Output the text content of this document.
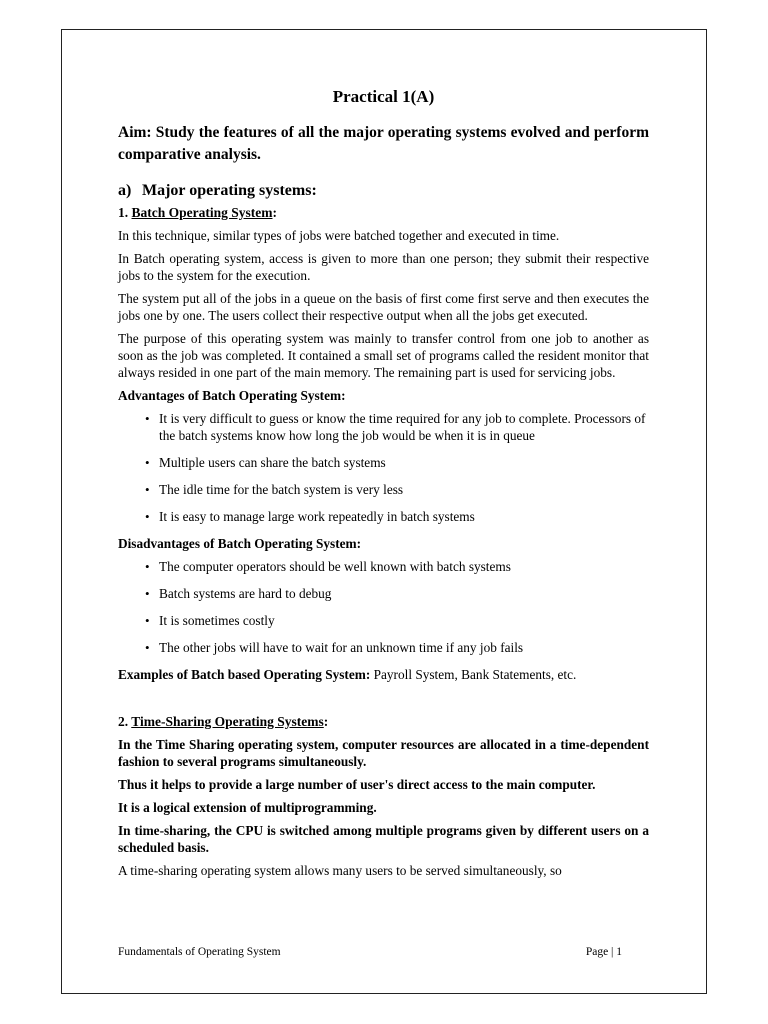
Practical 1(A)
Aim: Study the features of all the major operating systems evolved and perform comparative analysis.
a) Major operating systems:
1. Batch Operating System:

In this technique, similar types of jobs were batched together and executed in time.

In Batch operating system, access is given to more than one person; they submit their respective jobs to the system for the execution.

The system put all of the jobs in a queue on the basis of first come first serve and then executes the jobs one by one. The users collect their respective output when all the jobs get executed.

The purpose of this operating system was mainly to transfer control from one job to another as soon as the job was completed. It contained a small set of programs called the resident monitor that always resided in one part of the main memory. The remaining part is used for servicing jobs.

Advantages of Batch Operating System:
• It is very difficult to guess or know the time required for any job to complete. Processors of the batch systems know how long the job would be when it is in queue
• Multiple users can share the batch systems
• The idle time for the batch system is very less
• It is easy to manage large work repeatedly in batch systems
Disadvantages of Batch Operating System:
• The computer operators should be well known with batch systems
• Batch systems are hard to debug
• It is sometimes costly
• The other jobs will have to wait for an unknown time if any job fails

Examples of Batch based Operating System: Payroll System, Bank Statements, etc.

2. Time-Sharing Operating Systems:

In the Time Sharing operating system, computer resources are allocated in a time-dependent fashion to several programs simultaneously.

Thus it helps to provide a large number of user's direct access to the main computer.

It is a logical extension of multiprogramming.

In time-sharing, the CPU is switched among multiple programs given by different users on a scheduled basis.

A time-sharing operating system allows many users to be served simultaneously, so

Fundamentals of Operating System	Page | 1
